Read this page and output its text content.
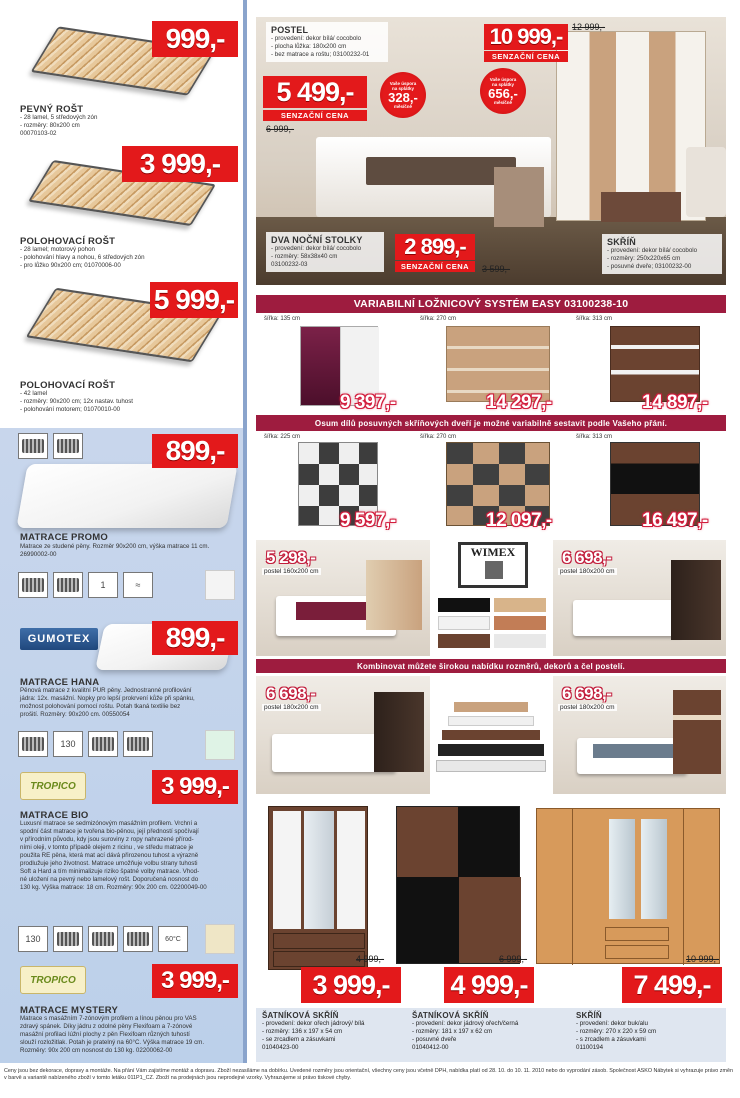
999,-
PEVNÝ ROŠT
- 28 lamel, 5 středových zón
- rozměry: 80x200 cm
00070103-02
3 999,-
POLOHOVACÍ ROŠT
- 28 lamel; motorový pohon
- polohování hlavy a nohou, 6 středových zón
- pro lůžko 90x200 cm; 01070006-00
5 999,-
POLOHOVACÍ ROŠT
- 42 lamel
- rozměry: 90x200 cm; 12x nastav. tuhost
- polohování motorem; 01070010-00
899,-
MATRACE PROMO
Matrace ze studené pěny. Rozměr 90x200 cm, výška matrace 11 cm.
26990002-00
1	≈
GUMOTEX	899,-
MATRACE HANA
Pěnová matrace z kvalitní PUR pěny. Jednostranné profilování
jádra: 12x. masážní. Nopky pro lepší prokrvení kůže při spánku,
možnost polohování pomocí roštu. Potah tkaná textilie bez
prošití. Rozměry: 90x200 cm. 00550054
130
TROPICO	3 999,-
MATRACE BIO
Luxusní matrace se sedmizónovým masážním profilem. Vrchní a
spodní část matrace je tvořena bio-pěnou, její předností spočívají
v přírodním původu, kdy jsou suroviny z ropy nahrazené přírod-
ními oleji, v tomto případě olejem z ricinu , ve středu matrace je
použita RE pěna, která mat ací dává přirozenou tuhost a výrazně
prodlužuje jeho životnost. Matrace umožňuje volbu strany tuhosti
Soft a Hard a tím minimalizuje riziko špatné volby matrace. Vhod-
né uložení na pevný nebo lamelový rošt. Doporučená nosnost do
130 kg. Výška matrace: 18 cm. Rozměry: 90x 200 cm. 02200049-00
130	60°C
TROPICO	3 999,-
MATRACE MYSTERY
Matrace s masážním 7-zónovým profilem a línou pěnou pro VAS
zdravý spánek. Díky jádru z odolné pěny Flexifoam a 7-zónové
masážní profilaci lúžní plochy z pěn Flexifoam různých tuhostí
slouží rozložitlak. Potah je pratelný na 60°C. Výška matrace 19 cm.
Rozměry: 90x 200 cm nosnost do 130 kg. 02200062-00
POSTEL
- provedení: dekor bílá/ cocobolo
- plocha lůžka: 180x200 cm
- bez matrace a roštu; 03100232-01
5 499,-
SENZAČNÍ CENA
6 999,-
Vaše úspora
na splátky
328,-
měsíčně
10 999,-
SENZAČNÍ CENA
12 999,-
Vaše úspora
na splátky
656,-
měsíčně
DVA NOČNÍ STOLKY
- provedení: dekor bílá/ cocobolo
- rozměry: 58x38x40 cm
03100232-03
2 899,-
SENZAČNÍ CENA	3 599,-
SKŘÍŇ
- provedení: dekor bílá/ cocobolo
- rozměry: 250x220x65 cm
- posuvné dveře; 03100232-00
VARIABILNÍ LOŽNICOVÝ SYSTÉM EASY 03100238-10
šířka: 135 cm
9 397,-
šířka: 270 cm
14 297,-
šířka: 313 cm
14 897,-
Osum dílů posuvných skříňových dveří je možné variabilně sestavit podle Vašeho přání.
šířka: 225 cm
9 597,-
šířka: 270 cm
12 097,-
šířka: 313 cm
16 497,-
5 298,-
postel 160x200 cm
WIMEX	6 698,-
postel 180x200 cm
Kombinovat můžete širokou nabídku rozměrů, dekorů a čel postelí.
6 698,-
postel 180x200 cm
6 698,-
postel 180x200 cm
4 999,-
3 999,-
6 999,-
4 999,-
10 999,-
7 499,-
ŠATNÍKOVÁ SKŘÍŇ
- provedení: dekor ořech jádrový/ bílá
- rozměry: 136 x 197 x 54 cm
- se zrcadlem a zásuvkami
01040423-00
ŠATNÍKOVÁ SKŘÍŇ
- provedení: dekor jádrový ořech/černá
- rozměry: 181 x 197 x 62 cm
- posuvné dveře
01040412-00
SKŘÍŇ
- provedení: dekor buk/alu
- rozměry: 270 x 220 x 59 cm
- s zrcadlem a zásuvkami
01100194
Ceny jsou bez dekorace, dopravy a montáže. Na přání Vám zajistíme montáž a dopravu. Zboží nezasíláme na dobírku. Uvedené rozměry jsou orientační, všechny ceny jsou včetně DPH, nabídka platí od 28. 10. do 10. 11. 2010 nebo do vyprodání zásob. Společnost ASKO Nábytek si vyhrazuje právo změn v barvě a variantě nabízeného zboží v tomto letáku 011P1_CZ. Zboží na prodejnách jsou neprodejné vzorky. Vyhrazujeme si právo tiskové chyby.
